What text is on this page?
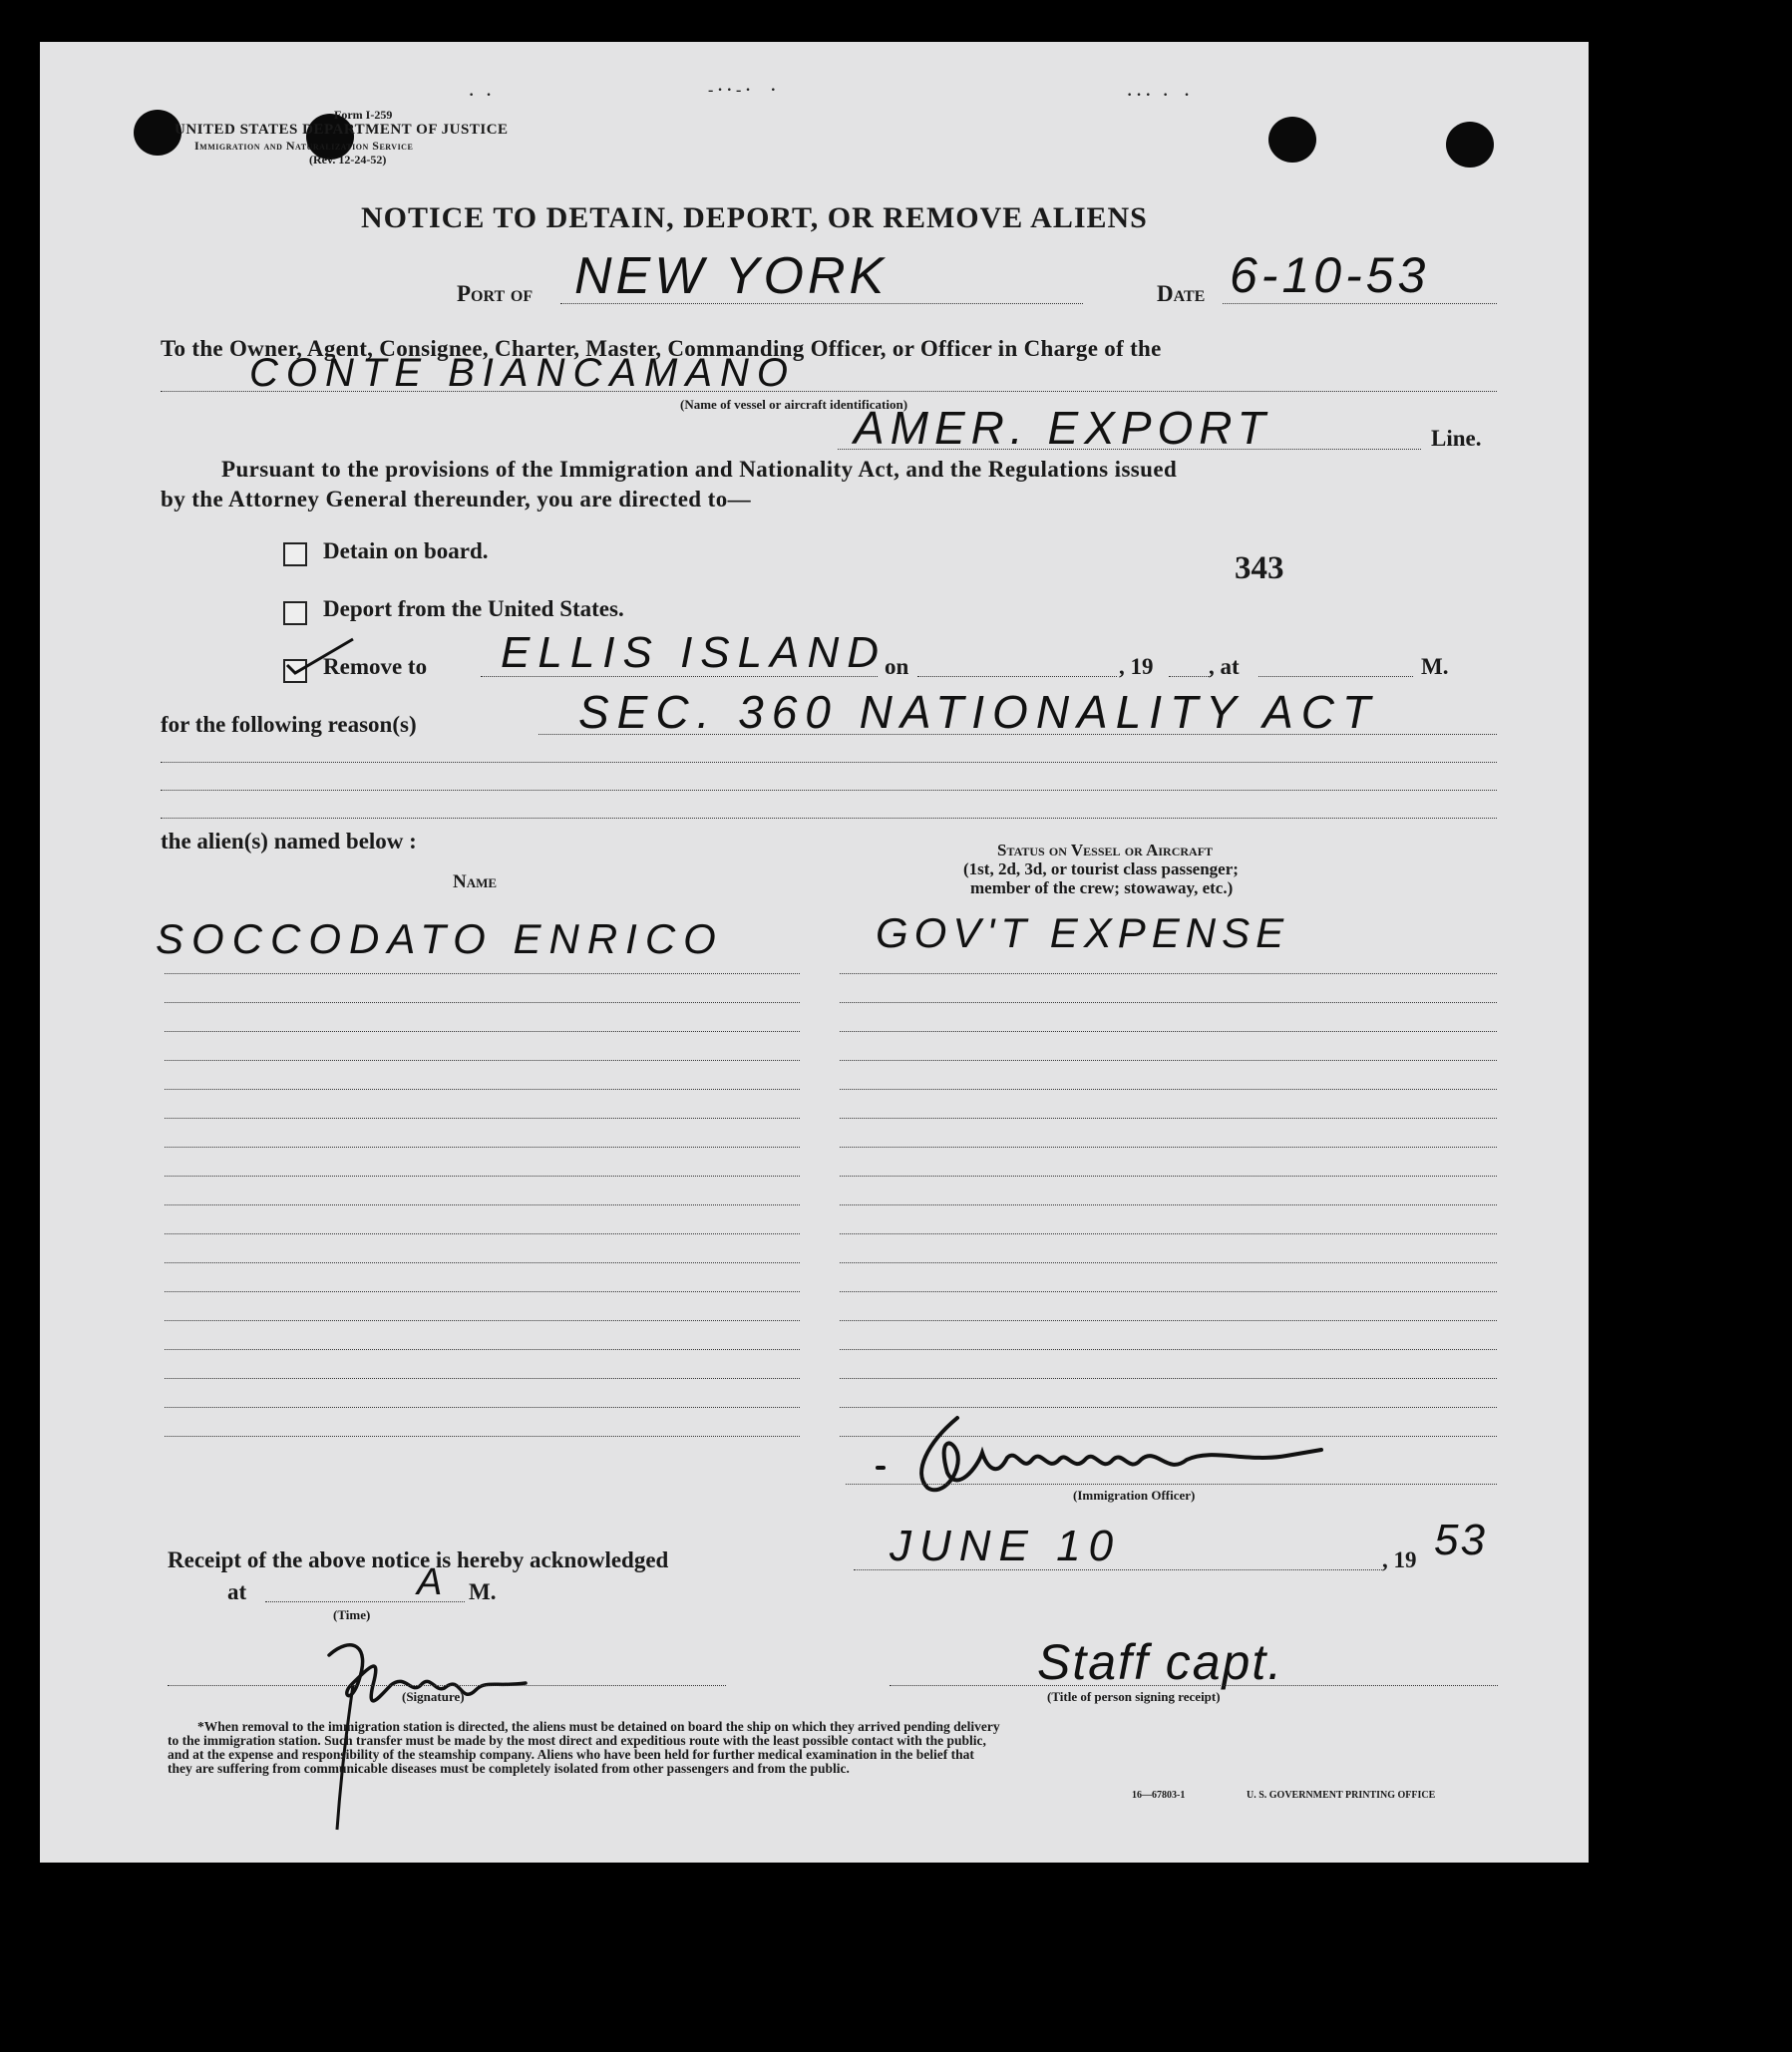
Form I-259
UNITED STATES DEPARTMENT OF JUSTICE
Immigration and Naturalization Service
(Rev. 12-24-52)
NOTICE TO DETAIN, DEPORT, OR REMOVE ALIENS
Port of NEW YORK	Date 6-10-53
To the Owner, Agent, Consignee, Charter, Master, Commanding Officer, or Officer in Charge of the
CONTE BIANCAMANO
(Name of vessel or aircraft identification)
AMER. EXPORT	Line.
Pursuant to the provisions of the Immigration and Nationality Act, and the Regulations issued
by the Attorney General thereunder, you are directed to—
Detain on board.	343
Deport from the United States.
Remove to ELLIS ISLAND
on	, 19 , at	M.
for the following reason(s)	SEC. 360 NATIONALITY ACT
the alien(s) named below :
Name
Status on Vessel or Aircraft
(1st, 2d, 3d, or tourist class passenger;
member of the crew; stowaway, etc.)
SOCCODATO ENRICO	GOV'T EXPENSE
(Immigration Officer)
Receipt of the above notice is hereby acknowledged	JUNE 10	, 19 53
at	A M.
(Time)
Staff capt.
(Signature)	(Title of person signing receipt)
*When removal to the immigration station is directed, the aliens must be detained on board the ship on which they arrived pending delivery
to the immigration station. Such transfer must be made by the most direct and expeditious route with the least possible contact with the public,
and at the expense and responsibility of the steamship company. Aliens who have been held for further medical examination in the belief that
they are suffering from communicable diseases must be completely isolated from other passengers and from the public.
16—67803-1	U. S. GOVERNMENT PRINTING OFFICE
·   ·	- · · - ·     ·	· · ·   ·    ·
